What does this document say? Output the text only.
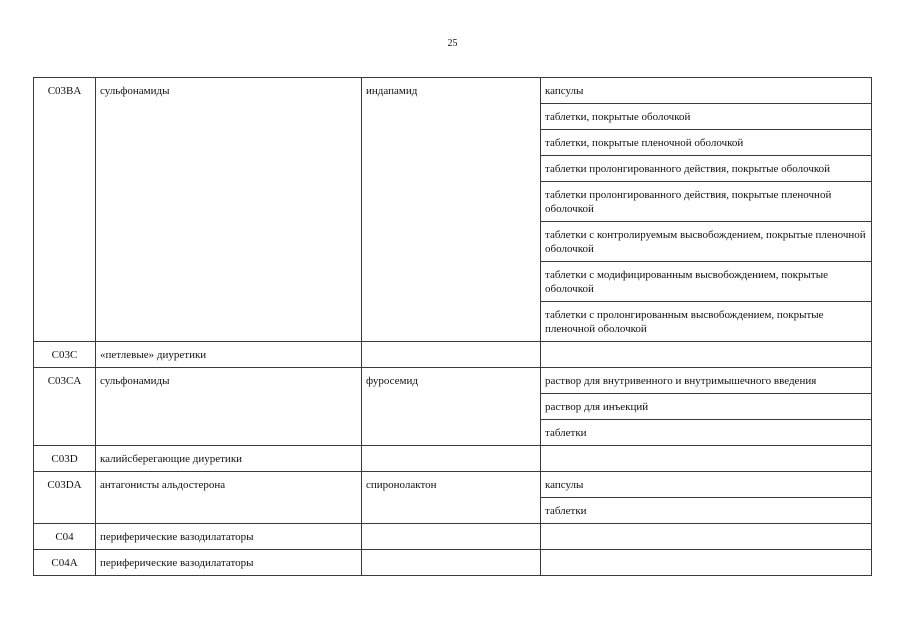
25
C03BA	сульфонамиды	индапамид	капсулы
			таблетки, покрытые оболочкой
			таблетки, покрытые пленочной оболочкой
			таблетки пролонгированного действия, покрытые оболочкой
			таблетки пролонгированного действия, покрытые пленочной оболочкой
			таблетки с контролируемым высвобождением, покрытые пленочной оболочкой
			таблетки с модифицированным высвобождением, покрытые оболочкой
			таблетки с пролонгированным высвобождением, покрытые пленочной оболочкой
C03C	«петлевые» диуретики		
C03CA	сульфонамиды	фуросемид	раствор для внутривенного и внутримышечного введения
			раствор для инъекций
			таблетки
C03D	калийсберегающие диуретики		
C03DA	антагонисты альдостерона	спиронолактон	капсулы
			таблетки
C04	периферические вазодилататоры		
C04A	периферические вазодилататоры		
